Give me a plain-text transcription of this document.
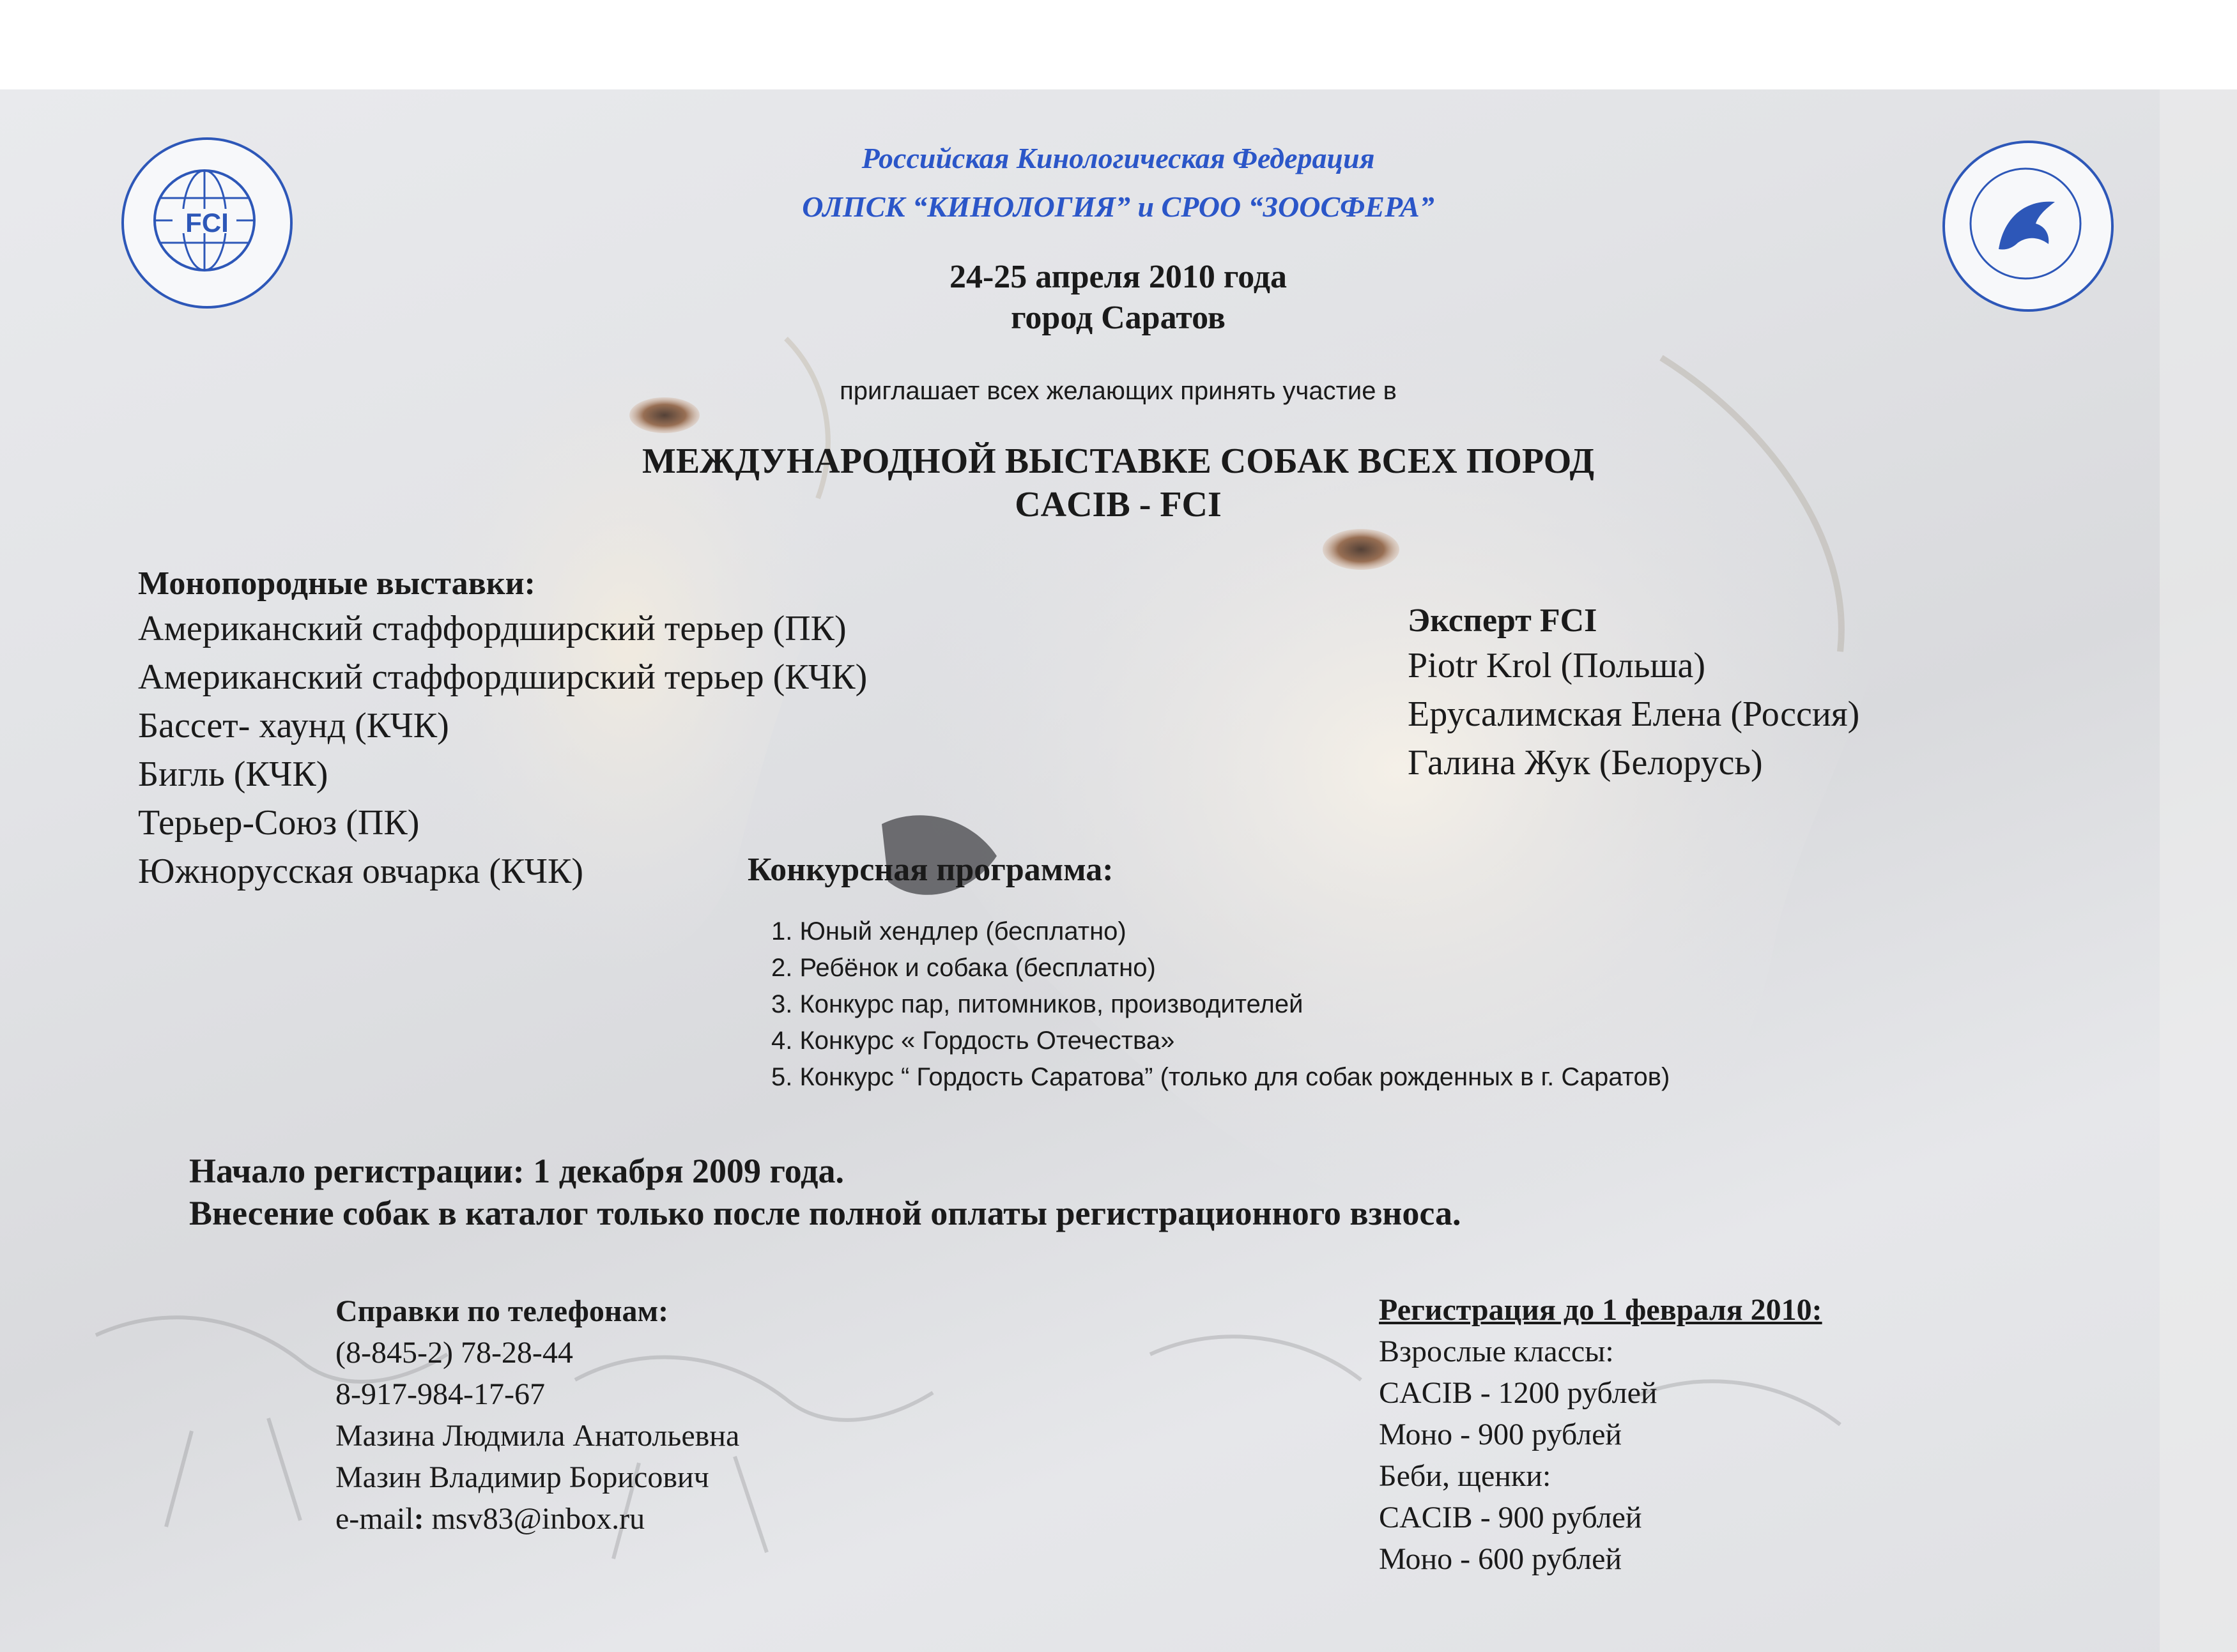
FCI
Российская Кинологическая Федерация
ОЛПСК “КИНОЛОГИЯ” и СРОО “ЗООСФЕРА”
24-25 апреля 2010 года
город Саратов
приглашает всех желающих принять участие в
МЕЖДУНАРОДНОЙ ВЫСТАВКЕ СОБАК ВСЕХ ПОРОД
CACIB - FCI
Монопородные выставки:
Американский стаффордширский терьер (ПК)
Американский стаффордширский терьер (КЧК)
Бассет- хаунд (КЧК)
Бигль (КЧК)
Терьер-Союз (ПК)
Южнорусская овчарка (КЧК)
Эксперт FCI
Piotr Krol (Польша)
Ерусалимская Елена (Россия)
Галина Жук (Белорусь)
Конкурсная программа:
1. Юный хендлер (бесплатно)
2. Ребёнок и собака (бесплатно)
3. Конкурс пар, питомников, производителей
4. Конкурс « Гордость Отечества»
5. Конкурс “ Гордость Саратова” (только для собак рожденных в г. Саратов)
Начало регистрации: 1 декабря 2009 года.
Внесение собак в каталог только после полной оплаты регистрационного взноса.
Справки по телефонам:
(8-845-2) 78-28-44
8-917-984-17-67
Мазина Людмила Анатольевна
Мазин Владимир Борисович
e-mail: msv83@inbox.ru
Регистрация до 1 февраля 2010:
Взрослые классы:
CACIB - 1200 рублей
Моно - 900 рублей
Беби, щенки:
CACIB - 900 рублей
Моно - 600 рублей
